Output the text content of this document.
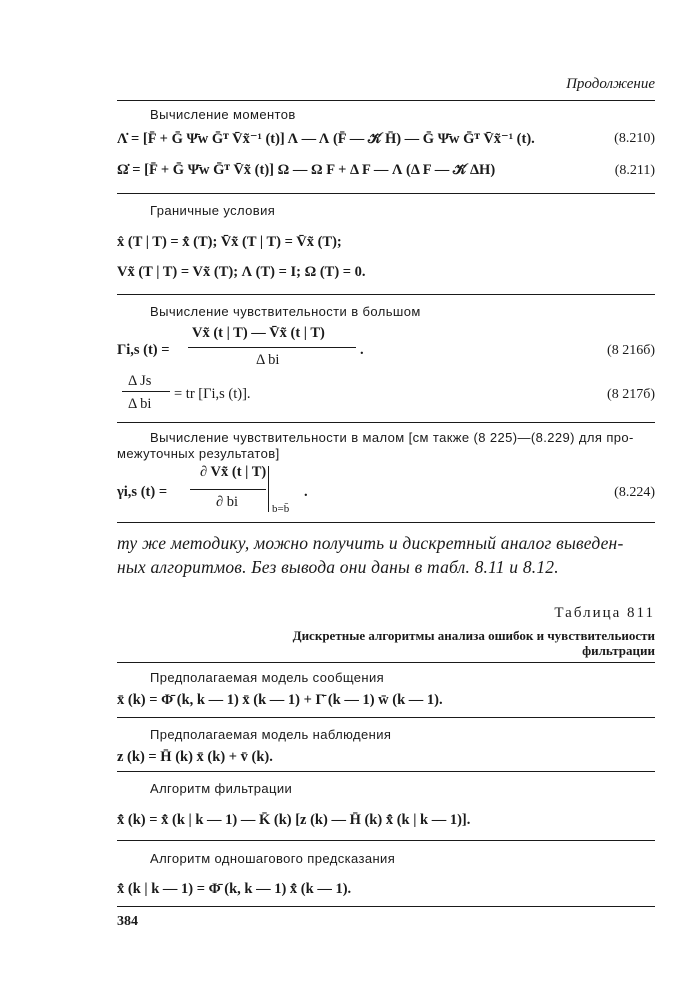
Продолжение
Вычисление моментов
Λ̇ = [F̄ + Ḡ Ψ̄w Ḡᵀ V̄x̃⁻¹ (t)] Λ — Λ (F̄ — 𝒦̄ H̄) — Ḡ Ψ̄w Ḡᵀ V̄x̃⁻¹ (t).	(8.210)
Ω̇ = [F̄ + Ḡ Ψ̄w Ḡᵀ V̄x̃ (t)] Ω — Ω F + Δ F — Λ (Δ F — 𝒦̄ ΔH)	(8.211)
Граничные условия
x̂ (T | T) = x̂̄ (T); V̄x̃ (T | T) = V̄x̃ (T);
Vx̃ (T | T) = Vx̃ (T); Λ (T) = I; Ω (T) = 0.
Вычисление чувствительности в большом
Γi,s (t) =
Vx̃ (t | T) — V̄x̃ (t | T)
Δ bi
.	(8 216б)
Δ Js
Δ bi
= tr [Γi,s (t)].	(8 217б)
Вычисление чувствительности в малом [см также (8 225)—(8.229) для про-
межуточных результатов]
γi,s (t) =
∂ Vx̃ (t | T)
∂ bi	b=b̄
.	(8.224)
ту же методику, можно получить и дискретный аналог выведен-
ных алгоритмов. Без вывода они даны в табл. 8.11 и 8.12.
Таблица 811
Дискретные алгоритмы анализа ошибок и чувствительиости
фильтрации
Предполагаемая модель сообщения
x̄ (k) = Φ̄ (k, k — 1) x̄ (k — 1) + Γ̄ (k — 1) w̄ (k — 1).
Предполагаемая модель наблюдения
z (k) = H̄ (k) x̄ (k) + v̄ (k).
Алгоритм фильтрации
x̂̄ (k) = x̂̄ (k | k — 1) — K̄ (k) [z (k) — H̄ (k) x̂̄ (k | k — 1)].
Алгоритм одношагового предсказания
x̂̄ (k | k — 1) = Φ̄ (k, k — 1) x̂̄ (k — 1).
384
